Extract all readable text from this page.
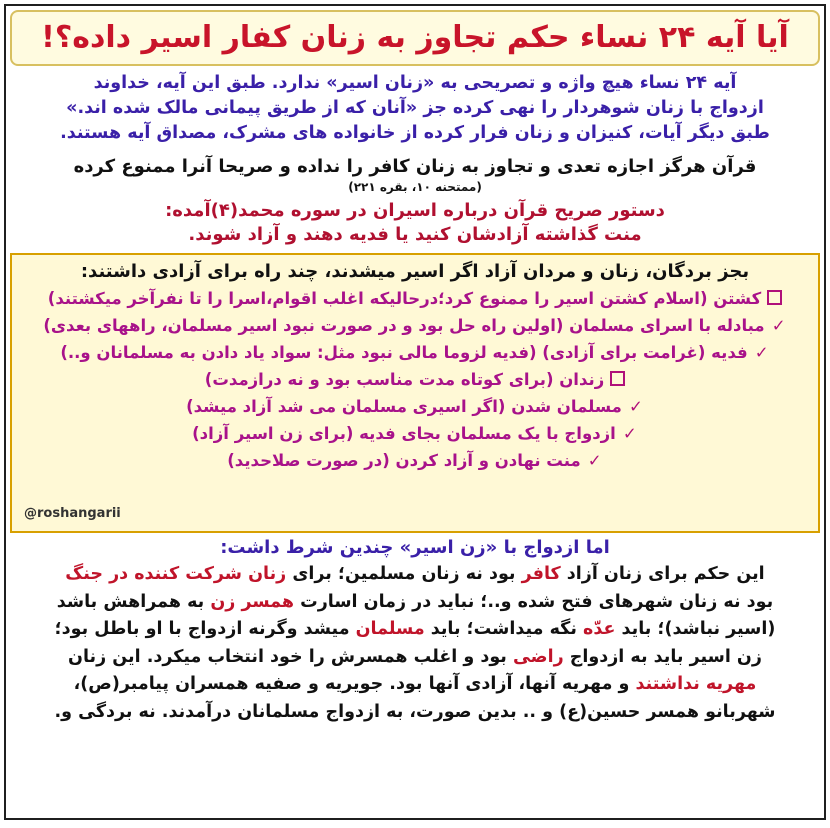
آیا آیه ۲۴ نساء حکم تجاوز به زنان کفار اسیر داده؟!
آیه ۲۴ نساء هیچ واژه و تصریحی به «زنان اسیر» ندارد. طبق این آیه، خداوند
ازدواج با زنان شوهردار را نهی کرده جز «آنان که از طریق پیمانی مالک شده اند.»
طبق دیگر آیات، کنیزان و زنان فرار کرده از خانواده های مشرک، مصداق آیه هستند.
قرآن هرگز اجازه تعدی و تجاوز به زنان کافر را نداده و صریحا آنرا ممنوع کرده
(ممتحنه ۱۰، بقره ۲۲۱)
دستور صریح قرآن درباره اسیران در سوره محمد(۴)آمده:
منت گذاشته آزادشان کنید یا فدیه دهند و آزاد شوند.
بجز بردگان، زنان و مردان آزاد اگر اسیر میشدند، چند راه برای آزادی داشتند:
کشتن (اسلام کشتن اسیر را ممنوع کرد؛درحالیکه اغلب اقوام،اسرا را تا نفرآخر میکشتند)
✓مبادله با اسرای مسلمان (اولین راه حل بود و در صورت نبود اسیر مسلمان، راههای بعدی)
✓فدیه (غرامت برای آزادی) (فدیه لزوما مالی نبود مثل: سواد یاد دادن به مسلمانان و..)
زندان (برای کوتاه مدت مناسب بود و نه درازمدت)
✓مسلمان شدن (اگر اسیری مسلمان می شد آزاد میشد)
✓ازدواج با یک مسلمان بجای فدیه (برای زن اسیر آزاد)
✓منت نهادن و آزاد کردن (در صورت صلاحدید)
@roshangarii
اما ازدواج با «زن اسیر» چندین شرط داشت:
این حکم برای زنان آزاد کافر بود نه زنان مسلمین؛ برای زنان شرکت کننده در جنگ
بود نه زنان شهرهای فتح شده و..؛ نباید در زمان اسارت همسر زن به همراهش باشد
(اسیر نباشد)؛ باید عدّه نگه میداشت؛ باید مسلمان میشد وگرنه ازدواج با او باطل بود؛
زن اسیر باید به ازدواج راضی بود و اغلب همسرش را خود انتخاب میکرد. این زنان
مهریه نداشتند و مهریه آنها، آزادی آنها بود. جویریه و صفیه همسران پیامبر(ص)،
شهربانو همسر حسین(ع) و .. بدین صورت، به ازدواج مسلمانان درآمدند. نه بردگی و.
